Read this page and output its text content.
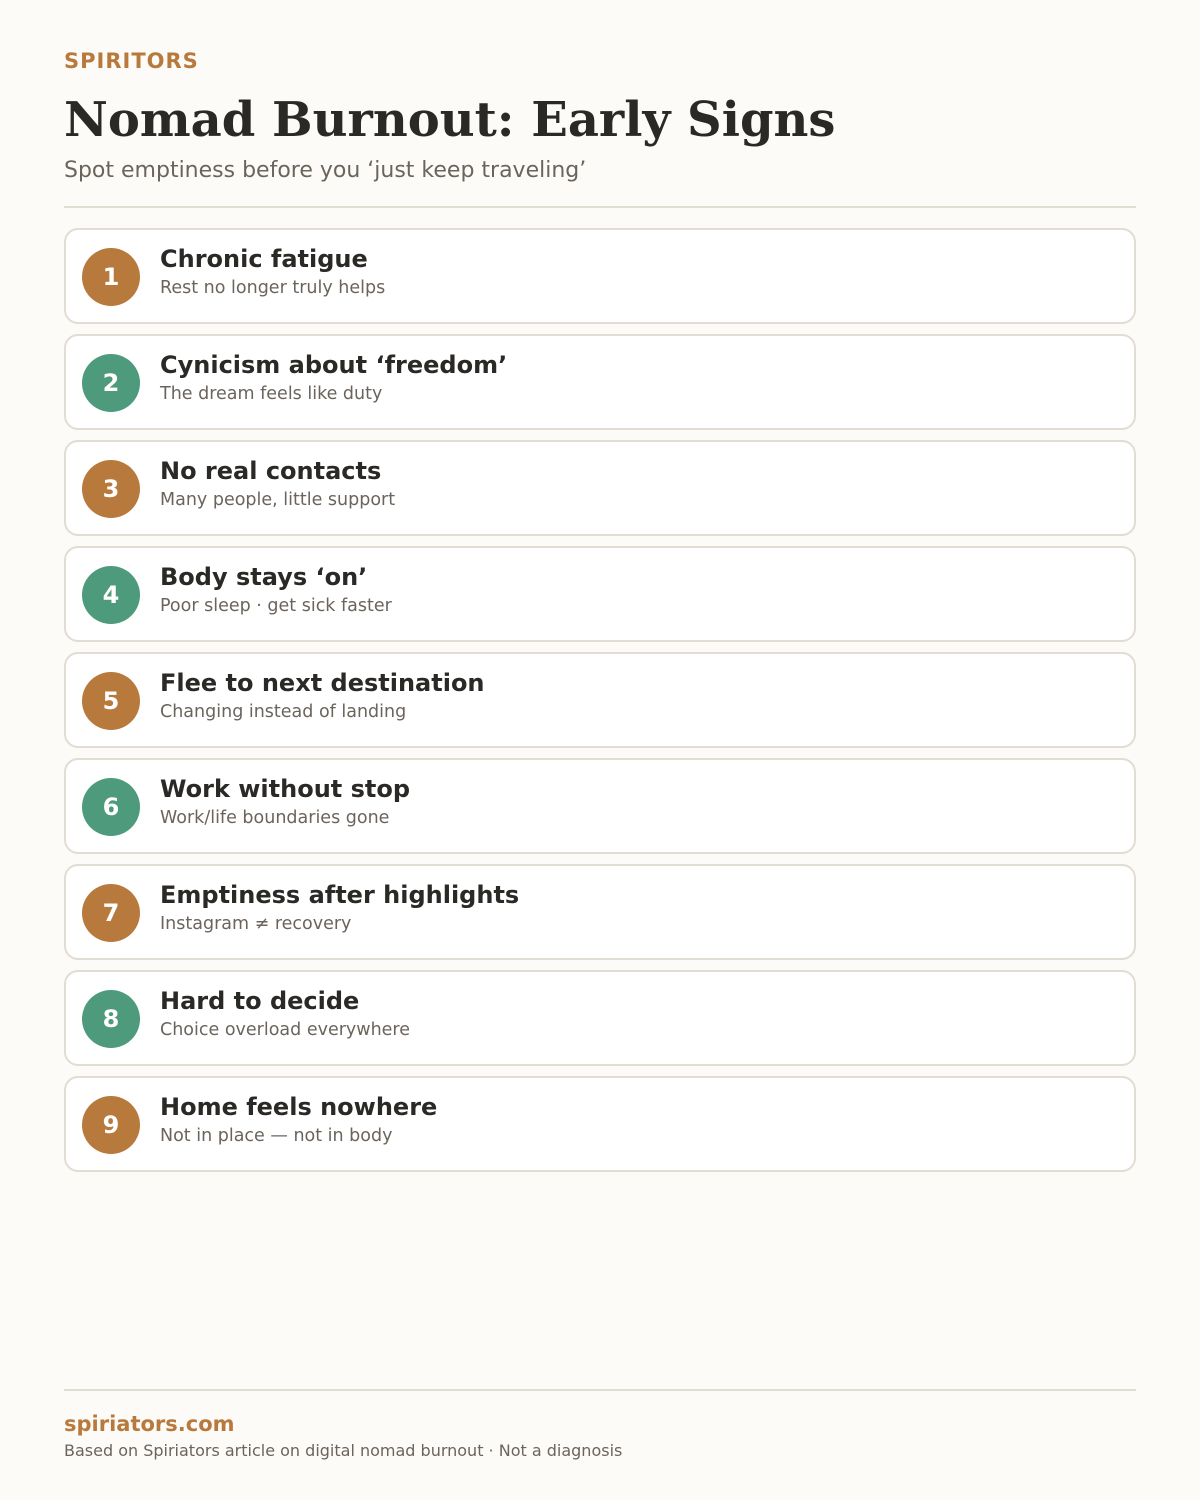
SPIRITORS
Nomad Burnout: Early Signs
Spot emptiness before you ‘just keep traveling’
1
Chronic fatigue
Rest no longer truly helps
2
Cynicism about ‘freedom’
The dream feels like duty
3
No real contacts
Many people, little support
4
Body stays ‘on’
Poor sleep · get sick faster
5
Flee to next destination
Changing instead of landing
6
Work without stop
Work/life boundaries gone
7
Emptiness after highlights
Instagram ≠ recovery
8
Hard to decide
Choice overload everywhere
9
Home feels nowhere
Not in place — not in body
spiriators.com
Based on Spiriators article on digital nomad burnout · Not a diagnosis
